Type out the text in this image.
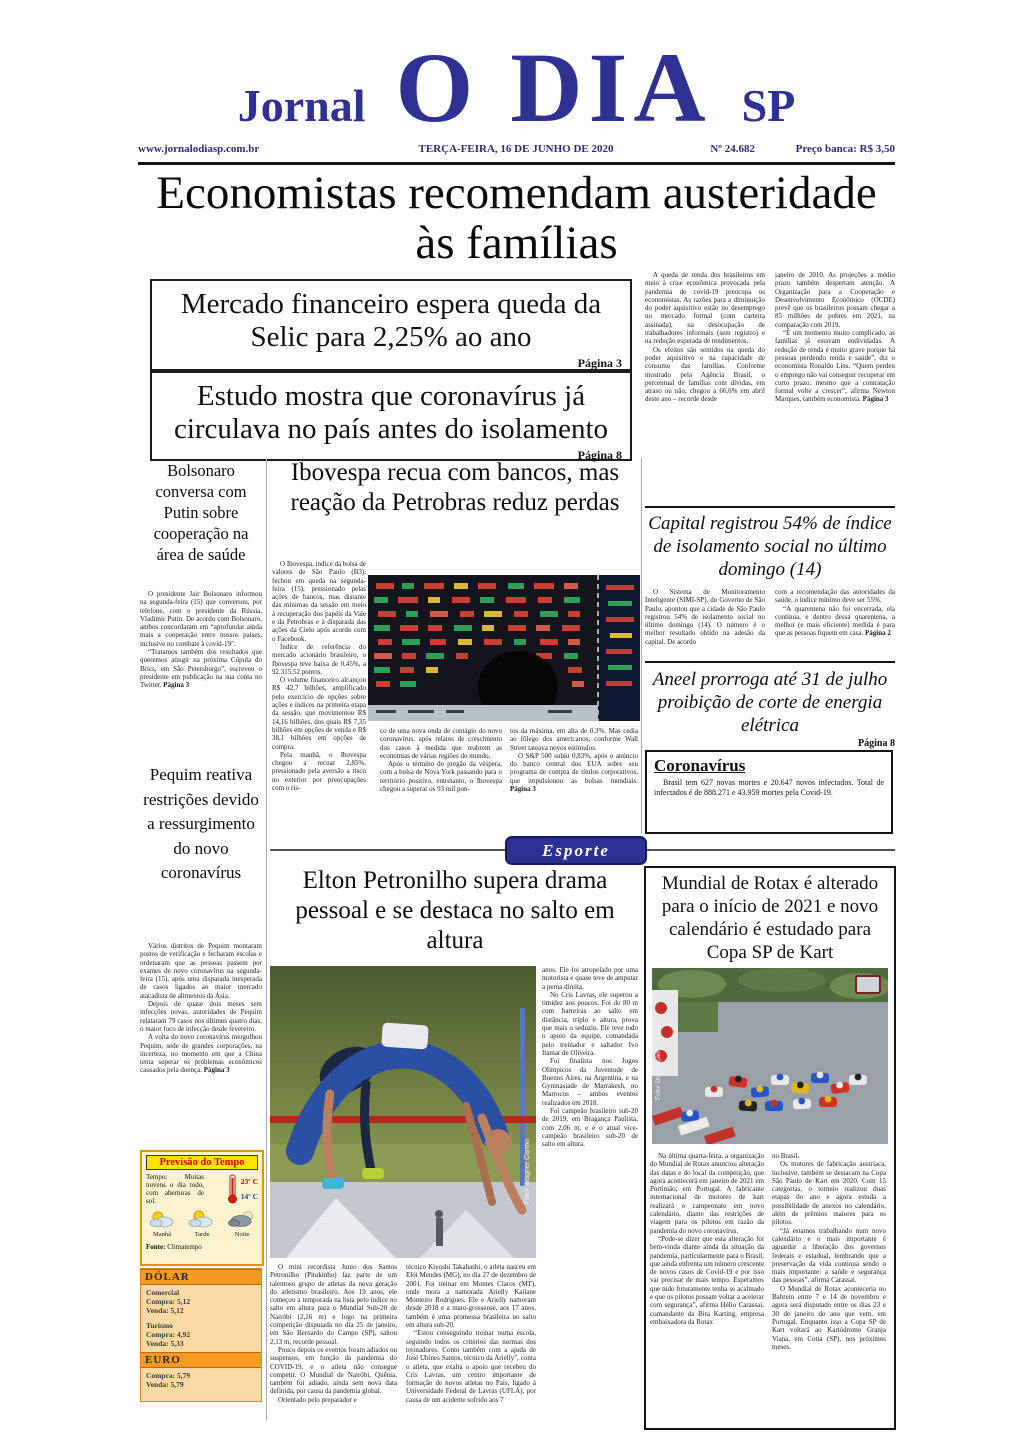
Jornal O DIA SP
www.jornalodiasp.com.br	TERÇA-FEIRA, 16 DE JUNHO DE 2020	Nº 24.682	Preço banca: R$ 3,50
Economistas recomendam austeridade às famílias
Mercado financeiro espera queda da Selic para 2,25% ao ano
Página 3
Estudo mostra que coronavírus já circulava no país antes do isolamento
Página 8

A queda de renda dos brasileiros em meio à crise econômica provocada pela pandemia de covid-19 preocupa os economistas. As razões para a diminuição do poder aquisitivo estão no desemprego no mercado formal (com carteira assinada), na desocupação de trabalhadores informais (sem registro) e na redução esperada de rendimentos.

Os efeitos são sentidos na queda do poder aquisitivo e na capacidade de consumo das famílias. Conforme mostrado pela Agência Brasil, o percentual de famílias com dívidas, em atraso ou não, chegou a 66,6% em abril deste ano – recorde desde

janeiro de 2010. As projeções a médio prazo também despertam atenção. A Organização para a Cooperação e Desenvolvimento Econômico (OCDE) prevê que os brasileiros possam chegar a 85 milhões de pobres em 2021, na comparação com 2019.

“É um momento muito complicado, as famílias já estavam endividadas. A redução de renda é muito grave porque há pessoas perdendo renda e saúde”, diz o economista Ronaldo Lins. “Quem perdeu o emprego não vai conseguir recuperar em curto prazo, mesmo que a contratação formal volte a crescer”, afirma Newton Marques, também economista. Página 3

Bolsonaro conversa com Putin sobre cooperação na área de saúde

O presidente Jair Bolsonaro informou na segunda-feira (15) que conversou, por telefone, com o presidente da Rússia, Vladimir Putin. De acordo com Bolsonaro, ambos concordaram em “aprofundar ainda mais a cooperação entre nossos países, inclusive no combate à covid-19”.

“Tratamos também dos resultados que queremos atingir na próxima Cúpula do Brics, em São Petersburgo”, escreveu o presidente em publicação na sua conta no Twitter. Página 3

Pequim reativa restrições devido a ressurgimento do novo coronavírus

Vários distritos de Pequim montaram postos de verificação e fecharam escolas e ordenaram que as pessoas passem por exames de novo coronavírus na segunda-feira (15), após uma disparada inesperada de casos ligados ao maior mercado atacadista de alimentos da Ásia.

Depois de quase dois meses sem infecções novas, autoridades de Pequim relataram 79 casos nos últimos quatro dias, o maior foco de infecção desde fevereiro.

A volta do novo coronavírus mergulhou Pequim, sede de grandes corporações, na incerteza, no momento em que a China tenta superar os problemas econômicos causados pela doença. Página 3

Previsão do Tempo
Tempo: Muitas nuvens o dia todo, com aberturas de sol.
23º C
14º C
Manhã	Tarde	Noite
Fonte: Climatempo
DÓLAR
Comercial
Compra: 5,12
Venda: 5,12
Turismo
Compra: 4,92
Venda: 5,33
EURO
Compra: 5,79
Venda: 5,79
Ibovespa recua com bancos, mas reação da Petrobras reduz perdas

O Ibovespa, índice da bolsa de valores de São Paulo (B3), fechou em queda na segunda-feira (15), pressionado pelas ações de bancos, mas distante das mínimas da sessão em meio à recuperação dos papéis da Vale e da Petrobras e à disparada das ações da Cielo após acordo com o Facebook.

Índice de referência do mercado acionário brasileiro, o Ibovespa teve baixa de 0,45%, a 92.315,52 pontos.

O volume financeiro alcançou R$ 42,7 bilhões, amplificado pelo exercício de opções sobre ações e índices na primeira etapa da sessão, que movimentou R$ 14,16 bilhões, dos quais R$ 7,35 bilhões em opções de venda e R$ 38,1 bilhões em opções de compra.

Pela manhã, o Ibovespa chegou a recuar 2,85%, pressionado pela aversão a risco no exterior por preocupações com o ris-

co de uma nova onda de contágio do novo coronavírus, após relatos de crescimento dos casos à medida que reabrem as economias de várias regiões do mundo.

Após o término do pregão da véspera, com a bolsa de Nova York passando para o território positivo, entretanto, o Ibovespa chegou a superar os 93 mil pon-

tos da máxima, em alta de 0,3%. Mas cedia ao fôlego dos americanos, conforme Wall Street tateava novos estímulos.

O S&P 500 subiu 0,83%, após o anúncio do banco central dos EUA sobre seu programa de compra de títulos corporativos, que impulsionou as bolsas mundiais. Página 3

Capital registrou 54% de índice de isolamento social no último domingo (14)

O Sistema de Monitoramento Inteligente (SIMI-SP), do Governo de São Paulo, apontou que a cidade de São Paulo registrou 54% de isolamento social no último domingo (14). O número é o melhor resultado obtido na adesão da capital. De acordo

com a recomendação das autoridades da saúde, o índice mínimo deve ser 55%.

“A quarentena não foi encerrada, ela continua, e dentro dessa quarentena, a melhor (e mais eficiente) medida é para que as pessoas fiquem em casa. Página 2

Aneel prorroga até 31 de julho proibição de corte de energia elétrica
Página 8
Coronavírus
Brasil tem 627 novas mortes e 20.647 novos infectados. Total de infectados é de 888.271 e 43.959 mortes pela Covid-19.
Esporte
Elton Petronilho supera drama pessoal e se destaca no salto em altura
Foto/ Wagner Carmo

anos. Ele foi atropelado por uma motorista e quase teve de amputar a perna direita.

No Cris Lavras, ele superou a timidez aos poucos. Foi do 80 m com barreiras ao salto em distância, triplo e altura, prova que mais o seduziu. Ele teve todo o apoio da equipe, comandada pelo treinador e saltador Ivo Itamar de Oliveira.

Foi finalista nos Jogos Olímpicos da Juventude de Buenos Aires, na Argentina, e na Gymnasiade de Marrakesh, no Marrocos – ambos eventos realizados em 2018.

Foi campeão brasileiro sub-20 de 2019, em Bragança Paulista, com 2,06 m, e é o atual vice-campeão brasileiro sub-20 de salto em altura.

O mini recordista Junio dos Santos Petronilho (Pitukinho) faz parte de um talentoso grupo de atletas da nova geração do atletismo brasileiro. Aos 19 anos, ele começou a temporada na lista pelo índice no salto em altura para o Mundial Sub-20 de Nairóbi (2,16 m) e logo na primeira competição disputada no dia 25 de janeiro, em São Bernardo do Campo (SP), saltou 2,13 m, recorde pessoal.

Pouco depois os eventos foram adiados ou suspensos, em função da pandemia do COVID-19, e o atleta não consegue competir. O Mundial de Nairóbi, Quênia, também foi adiado, ainda sem nova data definida, por causa da pandemia global.

Orientado pelo preparador e

técnico Kiyoshi Takahashi, o atleta nasceu em Elói Mendes (MG), no dia 27 de dezembro de 2001. Foi treinar em Montes Claros (MT), onde mora a namorada Arielly Kailane Monteiro Rodrigues. Ele e Arielly namoram desde 2018 e a mato-grossense, aos 17 anos, também é uma promessa brasileira no salto em altura sub-20.

“Estou conseguindo treinar numa escola, seguindo todos os critérios das normas dos treinadores. Conto também com a ajuda de José Ubines Santos, técnico da Arielly”, conta o atleta, que exalta o apoio que recebeu do Cris Lavras, um centro importante de formação de novos atletas no País, ligado à Universidade Federal de Lavras (UFLA), por causa de um acidente sofrido aos 7

Mundial de Rotax é alterado para o início de 2021 e novo calendário é estudado para Copa SP de Kart
Foto/ Divulgação

Na última quarta-feira, a organização do Mundial de Rotax anunciou alteração das datas e do local da competição, que agora acontecerá em janeiro de 2021 em Portimão, em Portugal. A fabricante internacional de motores de kart realizará o campeonato em novo calendário, diante das restrições de viagem para os pilotos em razão da pandemia do novo coronavírus.

“Pode-se dizer que esta alteração foi bem-vinda diante ainda da situação da pandemia, particularmente para o Brasil, que ainda enfrenta um número crescente de novos casos de Covid-19 e por isso vai precisar de mais tempo. Esperamos que tudo futuramente tenha se acalmado e que os pilotos possam voltar a acelerar com segurança”, afirma Hélio Carassai, comandante da Bira Karting, empresa embaixadora da Rotax

no Brasil.

Os motores de fabricação austríaca, inclusive, também se destacam na Copa São Paulo de Kart em 2020. Com 15 categorias, o torneio realizou duas etapas do ano e agora estuda a possibilidade de anexos no calendário, além de prêmios maiores para os pilotos.

“Já estamos trabalhando num novo calendário e o mais importante é aguardar a liberação dos governos federais e estadual, lembrando que a preservação da vida continua sendo o mais importante: a saúde e segurança das pessoas”, afirma Carassai.

O Mundial de Rotax aconteceria no Bahrein entre 7 e 14 de novembro e agora será disputado entre os dias 23 e 30 de janeiro do ano que vem, em Portugal. Enquanto isso a Copa SP de Kart voltará ao Kartódromo Granja Viana, em Cotia (SP), nos próximos meses.
